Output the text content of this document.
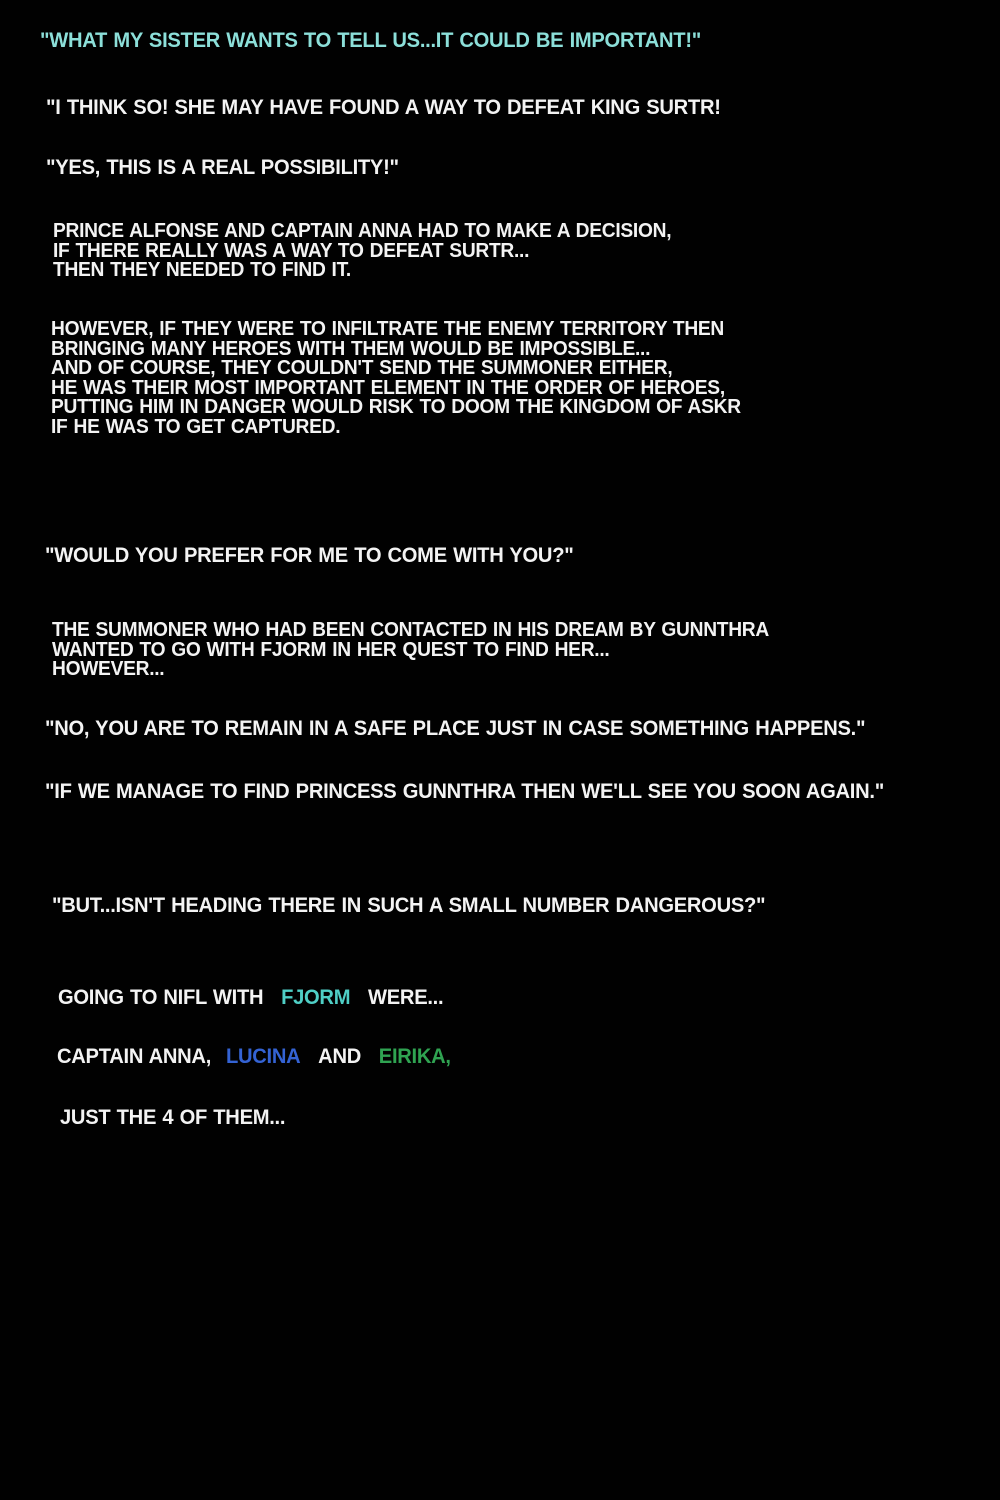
"WHAT MY SISTER WANTS TO TELL US...IT COULD BE IMPORTANT!"
"I THINK SO! SHE MAY HAVE FOUND A WAY TO DEFEAT KING SURTR!
"YES, THIS IS A REAL POSSIBILITY!"
PRINCE ALFONSE AND CAPTAIN ANNA HAD TO MAKE A DECISION,
IF THERE REALLY WAS A WAY TO DEFEAT SURTR...
THEN THEY NEEDED TO FIND IT.
HOWEVER, IF THEY WERE TO INFILTRATE THE ENEMY TERRITORY THEN
BRINGING MANY HEROES WITH THEM WOULD BE IMPOSSIBLE...
AND OF COURSE, THEY COULDN'T SEND THE SUMMONER EITHER,
HE WAS THEIR MOST IMPORTANT ELEMENT IN THE ORDER OF HEROES,
PUTTING HIM IN DANGER WOULD RISK TO DOOM THE KINGDOM OF ASKR
IF HE WAS TO GET CAPTURED.
"WOULD YOU PREFER FOR ME TO COME WITH YOU?"
THE SUMMONER WHO HAD BEEN CONTACTED IN HIS DREAM BY GUNNTHRA
WANTED TO GO WITH FJORM IN HER QUEST TO FIND HER...
HOWEVER...
"NO, YOU ARE TO REMAIN IN A SAFE PLACE JUST IN CASE SOMETHING HAPPENS."
"IF WE MANAGE TO FIND PRINCESS GUNNTHRA THEN WE'LL SEE YOU SOON AGAIN."
"BUT...ISN'T HEADING THERE IN SUCH A SMALL NUMBER DANGEROUS?"
GOING TO NIFL WITH FJORM WERE...
CAPTAIN ANNA, LUCINA AND EIRIKA,
JUST THE 4 OF THEM...
